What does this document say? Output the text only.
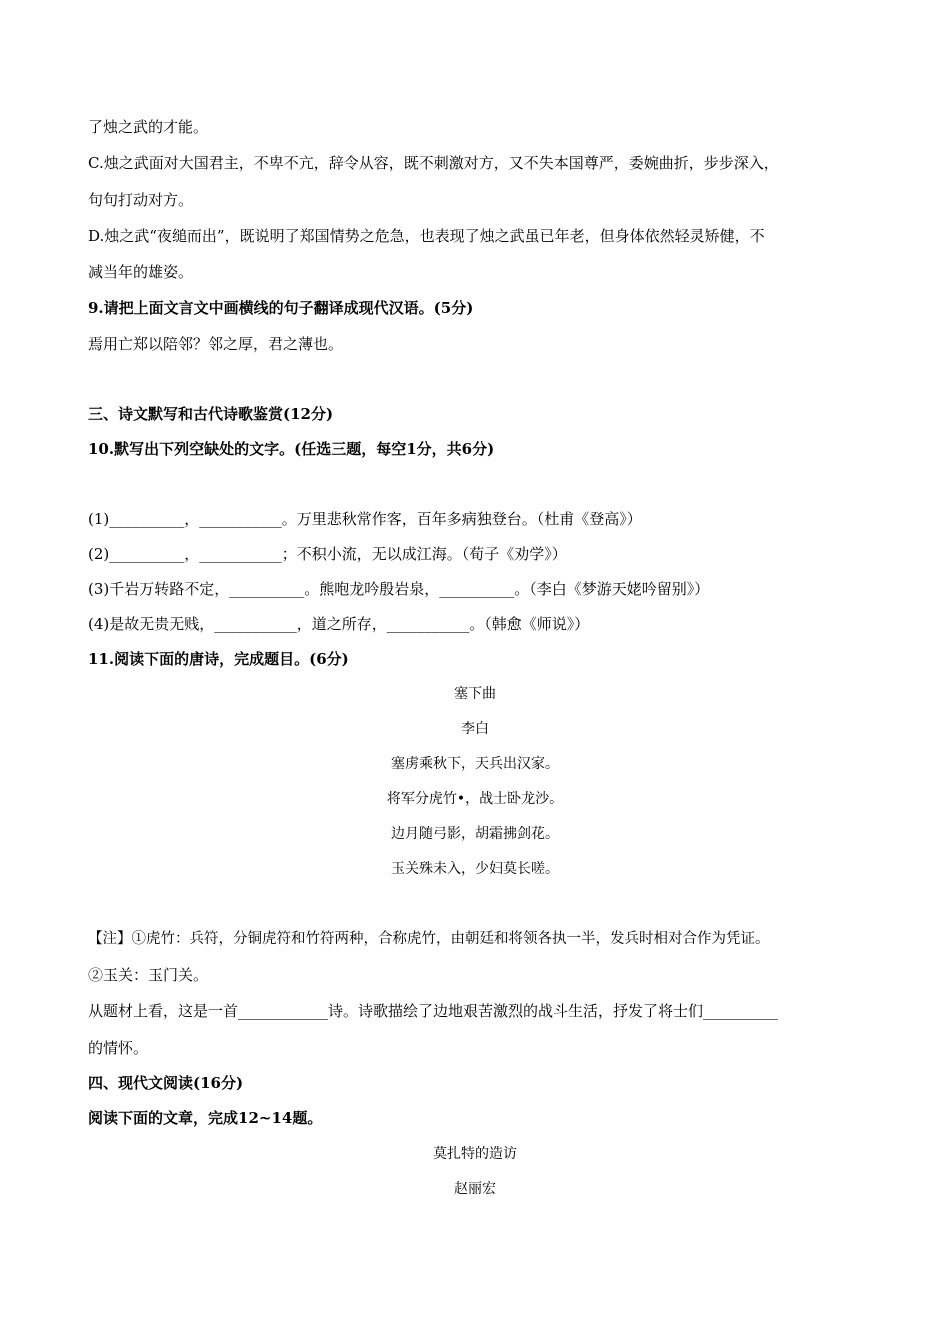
了烛之武的才能。
C.烛之武面对大国君主，不卑不亢，辞令从容，既不刺激对方，又不失本国尊严，委婉曲折，步步深入，
句句打动对方。
D.烛之武“夜缒而出”，既说明了郑国情势之危急，也表现了烛之武虽已年老，但身体依然轻灵矫健，不
减当年的雄姿。
9.请把上面文言文中画横线的句子翻译成现代汉语。(5分)
焉用亡郑以陪邻？邻之厚，君之薄也。
三、诗文默写和古代诗歌鉴赏(12分)
10.默写出下列空缺处的文字。(任选三题，每空1分，共6分)
(1)__________，___________。万里悲秋常作客，百年多病独登台。（杜甫《登高》）
(2)__________，___________；不积小流，无以成江海。（荀子《劝学》）
(3)千岩万转路不定，__________。熊咆龙吟殷岩泉，__________。（李白《梦游天姥吟留别》）
(4)是故无贵无贱，___________，道之所存，___________。（韩愈《师说》）
11.阅读下面的唐诗，完成题目。(6分)
塞下曲
李白
塞虏乘秋下，天兵出汉家。
将军分虎竹•，战士卧龙沙。
边月随弓影，胡霜拂剑花。
玉关殊未入，少妇莫长嗟。
【注】①虎竹：兵符，分铜虎符和竹符两种，合称虎竹，由朝廷和将领各执一半，发兵时相对合作为凭证。
②玉关：玉门关。
从题材上看，这是一首____________诗。诗歌描绘了边地艰苦激烈的战斗生活，抒发了将士们__________
的情怀。
四、现代文阅读(16分)
阅读下面的文章，完成12~14题。
莫扎特的造访
赵丽宏
